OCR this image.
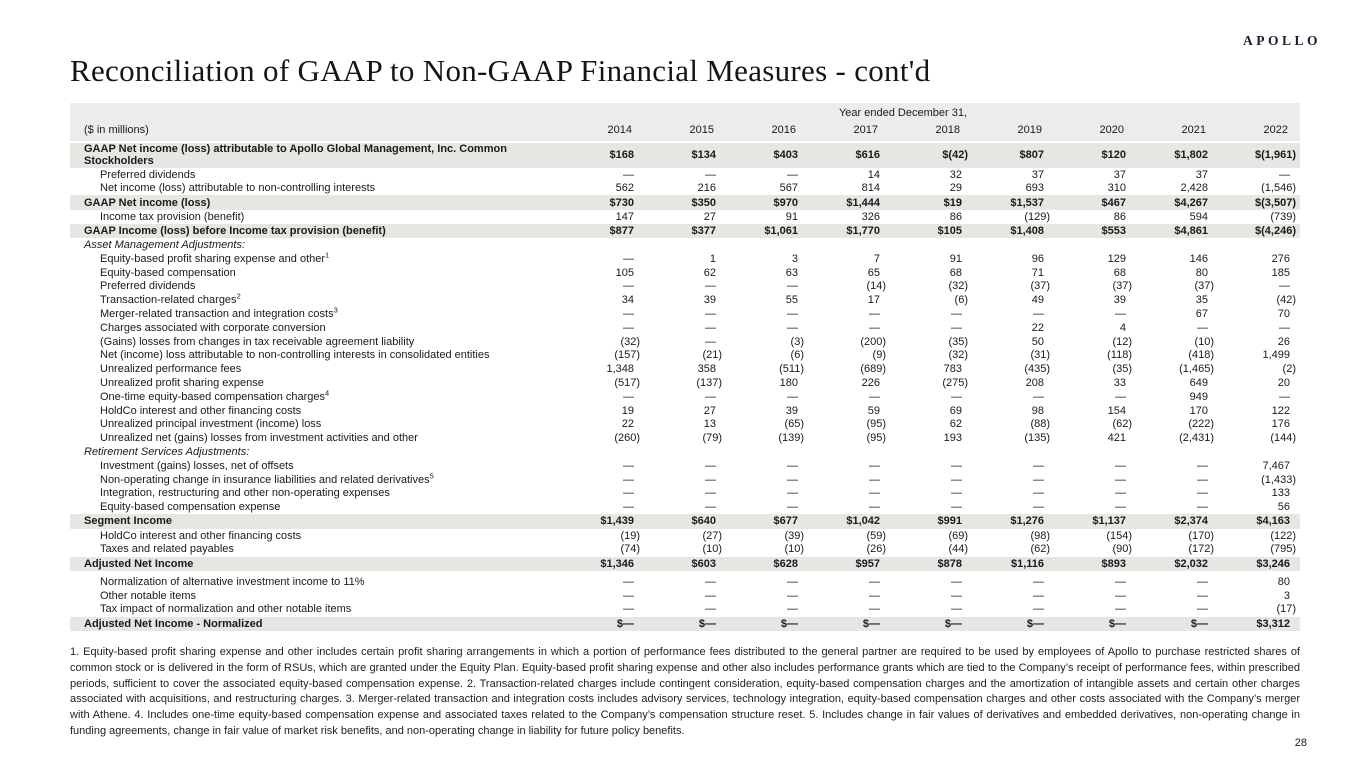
APOLLO
Reconciliation of GAAP to Non-GAAP Financial Measures - cont'd
Year ended December 31,
($ in millions)	2014	2015	2016	2017	2018	2019	2020	2021	2022
GAAP Net income (loss) attributable to Apollo Global Management, Inc. Common Stockholders
$168	$134	$403	$616	$(42)	$807	$120	$1,802	$(1,961)
Preferred dividends	—	—	—	14	32	37	37	37	—
Net income (loss) attributable to non-controlling interests	562	216	567	814	29	693	310	2,428	(1,546)
GAAP Net income (loss)	$730	$350	$970	$1,444	$19	$1,537	$467	$4,267	$(3,507)
Income tax provision (benefit)	147	27	91	326	86	(129)	86	594	(739)
GAAP Income (loss) before Income tax provision (benefit)	$877	$377	$1,061	$1,770	$105	$1,408	$553	$4,861	$(4,246)
Asset Management Adjustments:
Equity-based profit sharing expense and other$^1$	—	1	3	7	91	96	129	146	276
Equity-based compensation	105	62	63	65	68	71	68	80	185
Preferred dividends	—	—	—	(14)	(32)	(37)	(37)	(37)	—
Transaction-related charges$^2$	34	39	55	17	(6)	49	39	35	(42)
Merger-related transaction and integration costs$^3$	—	—	—	—	—	—	—	67	70
Charges associated with corporate conversion	—	—	—	—	—	22	4	—	—
(Gains) losses from changes in tax receivable agreement liability	(32)	—	(3)	(200)	(35)	50	(12)	(10)	26
Net (income) loss attributable to non-controlling interests in consolidated entities	(157)	(21)	(6)	(9)	(32)	(31)	(118)	(418)	1,499
Unrealized performance fees	1,348	358	(511)	(689)	783	(435)	(35)	(1,465)	(2)
Unrealized profit sharing expense	(517)	(137)	180	226	(275)	208	33	649	20
One-time equity-based compensation charges$^4$	—	—	—	—	—	—	—	949	—
HoldCo interest and other financing costs	19	27	39	59	69	98	154	170	122
Unrealized principal investment (income) loss	22	13	(65)	(95)	62	(88)	(62)	(222)	176
Unrealized net (gains) losses from investment activities and other	(260)	(79)	(139)	(95)	193	(135)	421	(2,431)	(144)
Retirement Services Adjustments:
Investment (gains) losses, net of offsets	—	—	—	—	—	—	—	—	7,467
Non-operating change in insurance liabilities and related derivatives$^5$	—	—	—	—	—	—	—	—	(1,433)
Integration, restructuring and other non-operating expenses	—	—	—	—	—	—	—	—	133
Equity-based compensation expense	—	—	—	—	—	—	—	—	56
Segment Income	$1,439	$640	$677	$1,042	$991	$1,276	$1,137	$2,374	$4,163
HoldCo interest and other financing costs	(19)	(27)	(39)	(59)	(69)	(98)	(154)	(170)	(122)
Taxes and related payables	(74)	(10)	(10)	(26)	(44)	(62)	(90)	(172)	(795)
Adjusted Net Income	$1,346	$603	$628	$957	$878	$1,116	$893	$2,032	$3,246
Normalization of alternative investment income to 11%	—	—	—	—	—	—	—	—	80
Other notable items	—	—	—	—	—	—	—	—	3
Tax impact of normalization and other notable items	—	—	—	—	—	—	—	—	(17)
Adjusted Net Income - Normalized	$—	$—	$—	$—	$—	$—	$—	$—	$3,312

1. Equity-based profit sharing expense and other includes certain profit sharing arrangements in which a portion of performance fees distributed to the general partner are required to be used by employees of Apollo to purchase restricted shares of common stock or is delivered in the form of RSUs, which are granted under the Equity Plan. Equity-based profit sharing expense and other also includes performance grants which are tied to the Company’s receipt of performance fees, within prescribed periods, sufficient to cover the associated equity-based compensation expense. 2. Transaction-related charges include contingent consideration, equity-based compensation charges and the amortization of intangible assets and certain other charges associated with acquisitions, and restructuring charges. 3. Merger-related transaction and integration costs includes advisory services, technology integration, equity-based compensation charges and other costs associated with the Company’s merger with Athene. 4. Includes one-time equity-based compensation expense and associated taxes related to the Company’s compensation structure reset. 5. Includes change in fair values of derivatives and embedded derivatives, non-operating change in funding agreements, change in fair value of market risk benefits, and non-operating change in liability for future policy benefits.

28
